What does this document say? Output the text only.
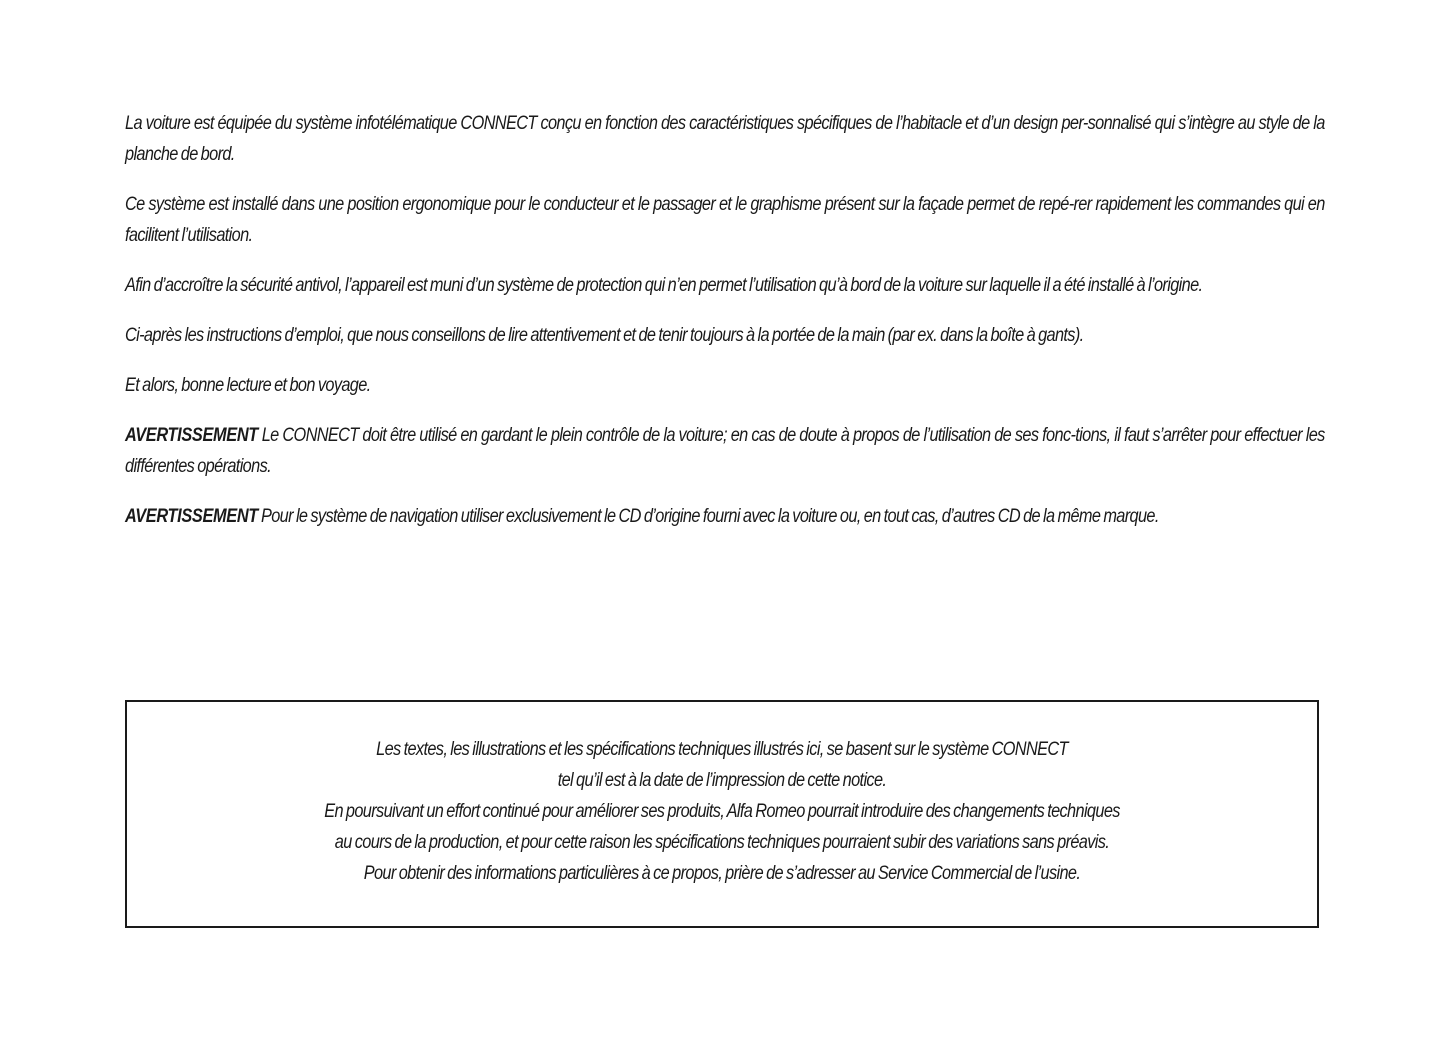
La voiture est équipée du système infotélématique CONNECT conçu en fonction des caractéristiques spécifiques de l’habitacle et d’un design per-sonnalisé qui s’intègre au style de la planche de bord.

Ce système est installé dans une position ergonomique pour le conducteur et le passager et le graphisme présent sur la façade permet de repé-rer rapidement les commandes qui en facilitent l’utilisation.

Afin d’accroître la sécurité antivol, l’appareil est muni d’un système de protection qui n’en permet l’utilisation qu’à bord de la voiture sur laquelle il a été installé à l’origine.

Ci-après les instructions d’emploi, que nous conseillons de lire attentivement et de tenir toujours à la portée de la main (par ex. dans la boîte à gants).

Et alors, bonne lecture et bon voyage.

AVERTISSEMENT Le CONNECT doit être utilisé en gardant le plein contrôle de la voiture; en cas de doute à propos de l’utilisation de ses fonc-tions, il faut s’arrêter pour effectuer les différentes opérations.

AVERTISSEMENT Pour le système de navigation utiliser exclusivement le CD d’origine fourni avec la voiture ou, en tout cas, d’autres CD de la même marque.

Les textes, les illustrations et les spécifications techniques illustrés ici, se basent sur le système CONNECT
tel qu’il est à la date de l’impression de cette notice.
En poursuivant un effort continué pour améliorer ses produits, Alfa Romeo pourrait introduire des changements techniques
au cours de la production, et pour cette raison les spécifications techniques pourraient subir des variations sans préavis.
Pour obtenir des informations particulières à ce propos, prière de s’adresser au Service Commercial de l’usine.
